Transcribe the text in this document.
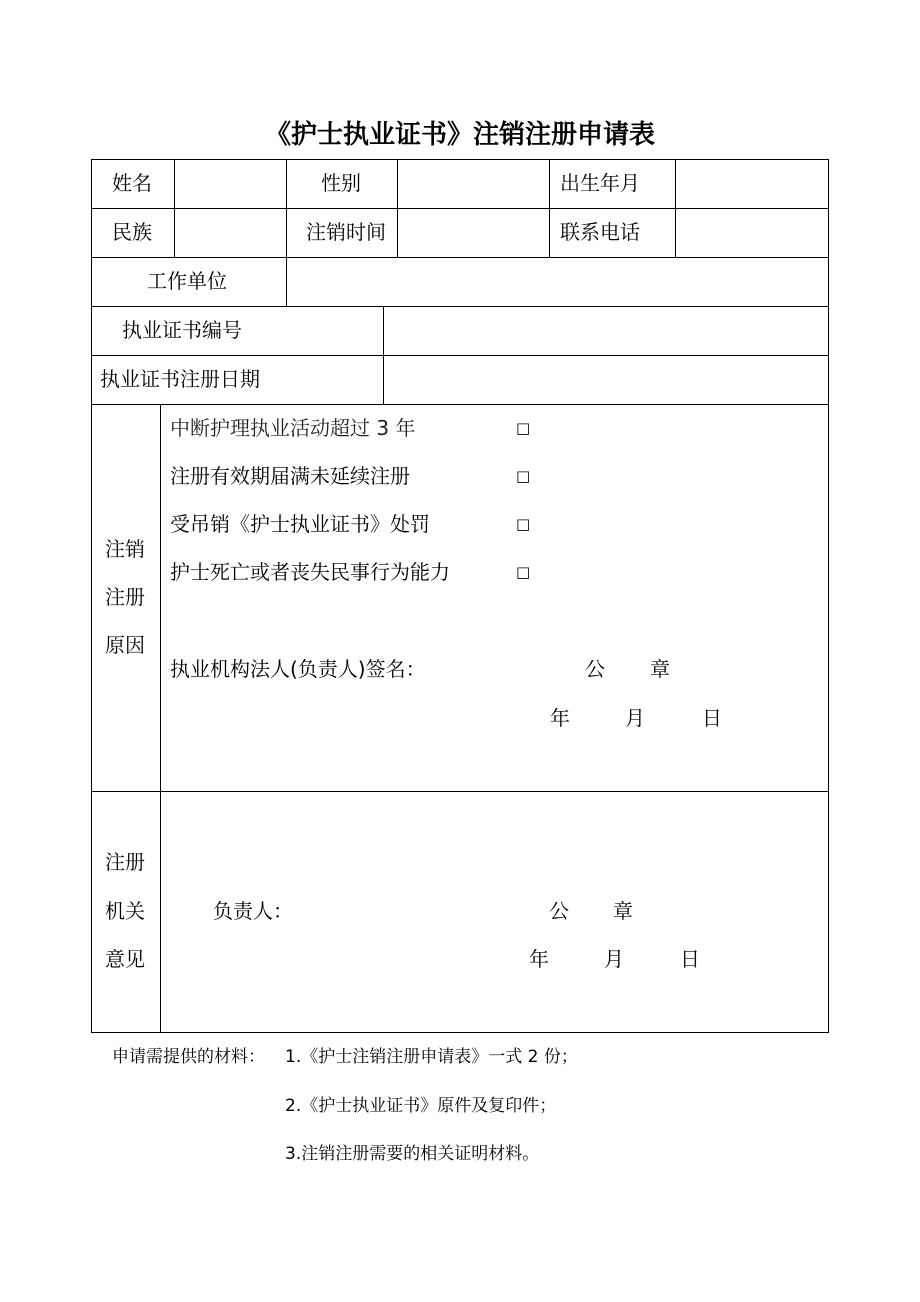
《护士执业证书》注销注册申请表
姓名	性别	出生年月
民族	注销时间	联系电话
工作单位
执业证书编号
执业证书注册日期
注销
注册
原因
中断护理执业活动超过 3 年	□
注册有效期届满未延续注册	□
受吊销《护士执业证书》处罚	□
护士死亡或者丧失民事行为能力	□
执业机构法人(负责人)签名：	公 章
年	月	日
注册
机关
意见
负责人：	公 章
年	月	日
申请需提供的材料： 1.《护士注销注册申请表》一式 2 份；
2.《护士执业证书》原件及复印件；
3.注销注册需要的相关证明材料。
